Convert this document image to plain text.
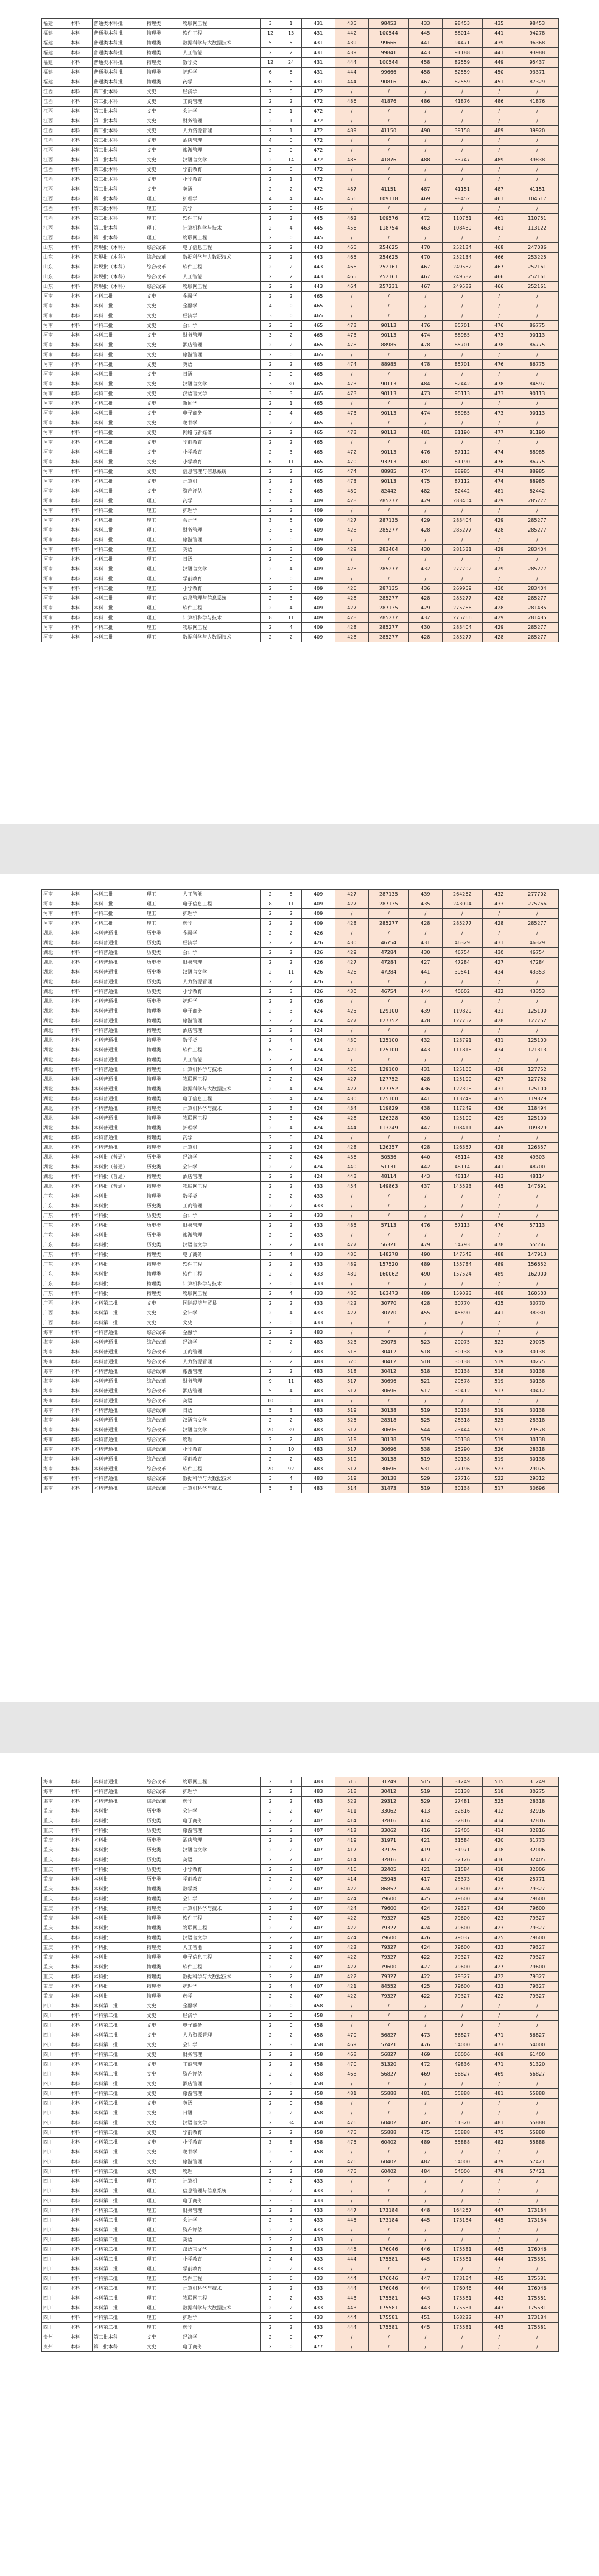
福建	本科	普通类本科批	物理类	物联网工程	3	1	431	435	98453	433	98453	435	98453
福建	本科	普通类本科批	物理类	软件工程	12	13	431	442	100544	445	88014	441	94278
福建	本科	普通类本科批	物理类	数据科学与大数据技术	5	5	431	439	99666	441	94471	439	96368
福建	本科	普通类本科批	物理类	人工智能	2	2	431	439	99841	443	91188	441	93988
福建	本科	普通类本科批	物理类	数学类	12	24	431	444	100544	458	82559	449	95437
福建	本科	普通类本科批	物理类	护理学	6	6	431	444	99666	458	82559	450	93371
福建	本科	普通类本科批	物理类	药学	6	6	431	444	90816	467	82559	451	87329
江西	本科	第二批本科	文史	经济学	2	0	472	/	/	/	/	/	/
江西	本科	第二批本科	文史	工商管理	2	2	472	486	41876	486	41876	486	41876
江西	本科	第二批本科	文史	会计学	2	1	472	/	/	/	/	/	/
江西	本科	第二批本科	文史	财务管理	2	1	472	/	/	/	/	/	/
江西	本科	第二批本科	文史	人力资源管理	2	1	472	489	41150	490	39158	489	39920
江西	本科	第二批本科	文史	酒店管理	4	0	472	/	/	/	/	/	/
江西	本科	第二批本科	文史	旅游管理	2	0	472	/	/	/	/	/	/
江西	本科	第二批本科	文史	汉语言文学	2	14	472	486	41876	488	33747	489	39838
江西	本科	第二批本科	文史	学前教育	2	0	472	/	/	/	/	/	/
江西	本科	第二批本科	文史	小学教育	2	1	472	/	/	/	/	/	/
江西	本科	第二批本科	文史	英语	2	2	472	487	41151	487	41151	487	41151
江西	本科	第二批本科	理工	护理学	4	4	445	456	109118	469	98452	461	104517
江西	本科	第二批本科	理工	药学	2	0	445	/	/	/	/	/	/
江西	本科	第二批本科	理工	软件工程	2	2	445	462	109576	472	110751	461	110751
江西	本科	第二批本科	理工	计算机科学与技术	2	4	445	456	118754	463	108489	461	113122
江西	本科	第二批本科	理工	物联网工程	2	0	445	/	/	/	/	/	/
山东	本科	常规批（本科）	综合改革	电子信息工程	2	2	443	465	254625	470	252134	468	247086
山东	本科	常规批（本科）	综合改革	数据科学与大数据技术	2	2	443	465	254625	470	252134	466	253225
山东	本科	常规批（本科）	综合改革	软件工程	2	2	443	466	252161	467	249582	467	252161
山东	本科	常规批（本科）	综合改革	人工智能	2	2	443	465	252161	467	249582	466	252161
山东	本科	常规批（本科）	综合改革	物联网工程	2	2	443	464	257231	467	249582	466	252161
河南	本科	本科二批	文史	金融学	2	2	465	/	/	/	/	/	/
河南	本科	本科二批	文史	金融学	4	0	465	/	/	/	/	/	/
河南	本科	本科二批	文史	经济学	3	0	465	/	/	/	/	/	/
河南	本科	本科二批	文史	会计学	2	3	465	473	90113	476	85701	476	86775
河南	本科	本科二批	文史	财务管理	3	2	465	473	90113	474	88985	473	90113
河南	本科	本科二批	文史	酒店管理	2	2	465	478	88985	478	85701	478	86775
河南	本科	本科二批	文史	旅游管理	2	0	465	/	/	/	/	/	/
河南	本科	本科二批	文史	英语	2	2	465	474	88985	478	85701	476	86775
河南	本科	本科二批	文史	日语	2	0	465	/	/	/	/	/	/
河南	本科	本科二批	文史	汉语言文学	3	30	465	473	90113	484	82442	478	84597
河南	本科	本科二批	文史	汉语言文学	3	3	465	473	90113	473	90113	473	90113
河南	本科	本科二批	文史	新闻学	2	1	465	/	/	/	/	/	/
河南	本科	本科二批	文史	电子商务	2	4	465	473	90113	474	88985	473	90113
河南	本科	本科二批	文史	秘书学	2	2	465	/	/	/	/	/	/
河南	本科	本科二批	文史	网络与新媒体	2	2	465	473	90113	481	81190	477	81190
河南	本科	本科二批	文史	学前教育	2	2	465	/	/	/	/	/	/
河南	本科	本科二批	文史	小学教育	2	3	465	472	90113	476	87112	474	88985
河南	本科	本科二批	文史	小学教育	6	11	465	470	93213	481	81190	476	86775
河南	本科	本科二批	文史	信息管理与信息系统	2	2	465	474	88985	474	88985	474	88985
河南	本科	本科二批	文史	计算机	2	2	465	473	90113	475	87112	474	88985
河南	本科	本科二批	文史	资产评估	2	2	465	480	82442	482	82442	481	82442
河南	本科	本科二批	理工	药学	2	4	409	428	285277	429	283404	429	285277
河南	本科	本科二批	理工	护理学	2	2	409	/	/	/	/	/	/
河南	本科	本科二批	理工	会计学	3	5	409	427	287135	429	283404	429	285277
河南	本科	本科二批	理工	财务管理	3	5	409	428	285277	428	285277	428	285277
河南	本科	本科二批	理工	旅游管理	2	0	409	/	/	/	/	/	/
河南	本科	本科二批	理工	英语	2	3	409	429	283404	430	281531	429	283404
河南	本科	本科二批	理工	日语	2	0	409	/	/	/	/	/	/
河南	本科	本科二批	理工	汉语言文学	2	4	409	428	285277	432	277702	429	285277
河南	本科	本科二批	理工	学前教育	2	0	409	/	/	/	/	/	/
河南	本科	本科二批	理工	小学教育	2	5	409	426	287135	436	269959	430	283404
河南	本科	本科二批	理工	信息管理与信息系统	2	3	409	428	285277	428	285277	428	285277
河南	本科	本科二批	理工	软件工程	2	4	409	427	287135	429	275766	428	281485
河南	本科	本科二批	理工	计算机科学与技术	8	11	409	428	285277	432	275766	429	281485
河南	本科	本科二批	理工	物联网工程	2	4	409	428	285277	430	283404	429	285277
河南	本科	本科二批	理工	数据科学与大数据技术	2	2	409	428	285277	428	285277	428	285277
河南	本科	本科二批	理工	人工智能	2	8	409	427	287135	439	264262	432	277702
河南	本科	本科二批	理工	电子信息工程	8	11	409	427	287135	435	243094	433	275766
河南	本科	本科二批	理工	护理学	2	2	409	/	/	/	/	/	/
河南	本科	本科二批	理工	药学	2	2	409	428	285277	428	285277	428	285277
湖北	本科	本科普通批	历史类	金融学	2	2	426	/	/	/	/	/	/
湖北	本科	本科普通批	历史类	经济学	2	2	426	430	46754	431	46329	431	46329
湖北	本科	本科普通批	历史类	会计学	2	2	426	429	47284	430	46754	430	46754
湖北	本科	本科普通批	历史类	财务管理	2	2	426	427	47284	427	47284	427	47284
湖北	本科	本科普通批	历史类	汉语言文学	2	11	426	426	47284	441	39541	434	43353
湖北	本科	本科普通批	历史类	人力资源管理	2	2	426	/	/	/	/	/	/
湖北	本科	本科普通批	历史类	小学教育	2	3	426	430	46754	444	40602	432	43353
湖北	本科	本科普通批	历史类	护理学	2	2	426	/	/	/	/	/	/
湖北	本科	本科普通批	物理类	电子商务	2	3	424	425	129100	439	119829	431	125100
湖北	本科	本科普通批	物理类	旅游管理	2	2	424	427	127752	428	127752	428	127752
湖北	本科	本科普通批	物理类	酒店管理	2	2	424	/	/	/	/	/	/
湖北	本科	本科普通批	物理类	数学类	2	4	424	430	125100	432	123791	431	125100
湖北	本科	本科普通批	物理类	软件工程	6	8	424	429	125100	443	111818	434	121313
湖北	本科	本科普通批	物理类	人工智能	2	2	424	/	/	/	/	/	/
湖北	本科	本科普通批	物理类	计算机科学与技术	2	4	424	426	129100	431	125100	428	127752
湖北	本科	本科普通批	物理类	物联网工程	2	2	424	427	127752	428	125100	427	127752
湖北	本科	本科普通批	物理类	数据科学与大数据技术	2	4	424	427	127752	436	122398	431	125100
湖北	本科	本科普通批	物理类	电子信息工程	3	4	424	430	125100	441	113249	435	119829
湖北	本科	本科普通批	物理类	计算机科学与技术	2	3	424	434	119829	438	117249	436	118494
湖北	本科	本科普通批	物理类	物联网工程	3	3	424	428	126328	430	125100	429	125100
湖北	本科	本科普通批	物理类	护理学	2	4	424	444	113249	447	108411	445	109829
湖北	本科	本科普通批	物理类	药学	2	0	424	/	/	/	/	/	/
湖北	本科	本科普通批	物理类	计算机	2	2	424	428	126357	428	126357	428	126357
湖北	本科	本科批（普通）	历史类	经济学	2	2	424	436	50536	440	48114	438	49303
湖北	本科	本科批（普通）	历史类	会计学	2	2	424	440	51131	442	48114	441	48700
湖北	本科	本科批（普通）	物理类	酒店管理	2	2	424	443	48114	443	48114	443	48114
湖北	本科	本科批（普通）	物理类	物联网工程	2	2	433	454	149863	437	145523	445	147691
广东	本科	本科批	物理类	数学类	2	2	433	/	/	/	/	/	/
广东	本科	本科批	历史类	工商管理	2	2	433	/	/	/	/	/	/
广东	本科	本科批	历史类	会计学	2	2	433	/	/	/	/	/	/
广东	本科	本科批	历史类	财务管理	2	2	433	485	57113	476	57113	476	57113
广东	本科	本科批	历史类	旅游管理	2	0	433	/	/	/	/	/	/
广东	本科	本科批	历史类	汉语言文学	2	2	433	477	56321	479	54793	478	55556
广东	本科	本科批	物理类	电子商务	3	4	433	486	148278	490	147548	488	147913
广东	本科	本科批	物理类	软件工程	2	2	433	489	157520	489	155784	489	156652
广东	本科	本科批	物理类	软件工程	2	2	433	489	160062	490	157524	489	162000
广东	本科	本科批	物理类	计算机科学与技术	2	0	433	/	/	/	/	/	/
广东	本科	本科批	物理类	物联网工程	2	4	433	486	163473	489	159023	488	160503
广西	本科	本科第二批	文史	国际经济与贸易	2	2	433	422	30770	428	30770	425	30770
广西	本科	本科第二批	文史	会计学	2	4	433	427	30770	455	45890	441	38330
广西	本科	本科第二批	文史	文史	2	0	433	/	/	/	/	/	/
海南	本科	本科普通批	综合改革	金融学	2	2	483	/	/	/	/	/	/
海南	本科	本科普通批	综合改革	经济学	2	2	483	523	29075	523	29075	523	29075
海南	本科	本科普通批	综合改革	工商管理	2	2	483	518	30412	518	30138	518	30138
海南	本科	本科普通批	综合改革	人力资源管理	2	2	483	520	30412	518	30138	519	30275
海南	本科	本科普通批	综合改革	旅游管理	2	2	483	518	30412	518	30138	518	30138
海南	本科	本科普通批	综合改革	财务管理	9	11	483	517	30696	521	29578	519	30138
海南	本科	本科普通批	综合改革	酒店管理	5	4	483	517	30696	517	30412	517	30412
海南	本科	本科普通批	综合改革	英语	10	0	483	/	/	/	/	/	/
海南	本科	本科普通批	综合改革	日语	5	3	483	519	30138	519	30138	519	30138
海南	本科	本科普通批	综合改革	汉语言文学	2	2	483	525	28318	525	28318	525	28318
海南	本科	本科普通批	综合改革	汉语言文学	20	39	483	517	30696	544	23444	521	29578
海南	本科	本科普通批	综合改革	物理	2	2	483	519	30138	519	30138	519	30138
海南	本科	本科普通批	综合改革	小学教育	3	10	483	517	30696	538	25290	526	28318
海南	本科	本科普通批	综合改革	学前教育	2	2	483	519	30138	519	30138	519	30138
海南	本科	本科普通批	综合改革	软件工程	20	92	483	517	30696	531	27196	523	29075
海南	本科	本科普通批	综合改革	数据科学与大数据技术	3	4	483	519	30138	529	27716	522	29312
海南	本科	本科普通批	综合改革	计算机科学与技术	5	3	483	514	31473	519	30138	517	30696
海南	本科	本科普通批	综合改革	物联网工程	2	1	483	515	31249	515	31249	515	31249
海南	本科	本科普通批	综合改革	护理学	2	2	483	518	30412	519	30138	518	30275
海南	本科	本科普通批	综合改革	药学	2	2	483	522	29312	529	27481	525	28318
重庆	本科	本科批	历史类	会计学	2	2	407	411	33062	413	32816	412	32916
重庆	本科	本科批	历史类	电子商务	2	2	407	414	32816	414	32816	414	32816
重庆	本科	本科批	历史类	旅游管理	2	2	407	412	33062	416	32405	414	32816
重庆	本科	本科批	历史类	酒店管理	2	2	407	419	31971	421	31584	420	31773
重庆	本科	本科批	历史类	汉语言文学	2	2	407	417	32126	419	31971	418	32006
重庆	本科	本科批	历史类	英语	2	2	407	414	32816	417	32126	416	32405
重庆	本科	本科批	历史类	小学教育	2	3	407	416	32405	421	31584	418	32006
重庆	本科	本科批	历史类	学前教育	2	2	407	414	25945	417	25373	416	25771
重庆	本科	本科批	物理类	数学类	2	2	407	422	86852	424	79600	423	79327
重庆	本科	本科批	物理类	会计学	2	2	407	424	79600	425	79600	424	79600
重庆	本科	本科批	物理类	计算机科学与技术	2	2	407	424	79600	424	79327	424	79600
重庆	本科	本科批	物理类	软件工程	2	2	407	422	79327	425	79600	423	79327
重庆	本科	本科批	物理类	物联网工程	2	2	407	422	79327	424	79600	423	79327
重庆	本科	本科批	物理类	汉语言文学	2	2	407	424	79600	426	79037	425	79600
重庆	本科	本科批	物理类	人工智能	2	2	407	422	79327	424	79600	423	79327
重庆	本科	本科批	物理类	电子信息工程	2	2	407	422	79327	422	79327	422	79327
重庆	本科	本科批	物理类	软件工程	2	2	407	427	79600	427	79600	427	79600
重庆	本科	本科批	物理类	数据科学与大数据技术	2	2	407	422	79327	422	79327	422	79327
重庆	本科	本科批	物理类	护理学	2	4	407	421	84552	425	79600	423	79327
重庆	本科	本科批	物理类	药学	2	2	407	422	79327	422	79327	422	79327
四川	本科	本科第二批	文史	金融学	2	0	458	/	/	/	/	/	/
四川	本科	本科第二批	文史	经济学	2	0	458	/	/	/	/	/	/
四川	本科	本科第二批	文史	电子商务	2	0	458	/	/	/	/	/	/
四川	本科	本科第二批	文史	人力资源管理	2	2	458	470	56827	473	56827	471	56827
四川	本科	本科第二批	文史	会计学	2	3	458	469	57421	476	54000	473	54000
四川	本科	本科第二批	文史	财务管理	2	2	458	468	56827	469	66006	469	61400
四川	本科	本科第二批	文史	工商管理	2	2	458	470	51320	472	49836	471	51320
四川	本科	本科第二批	文史	资产评估	2	2	458	468	56827	469	56827	469	56827
四川	本科	本科第二批	文史	酒店管理	2	0	458	/	/	/	/	/	/
四川	本科	本科第二批	文史	旅游管理	2	2	458	481	55888	481	55888	481	55888
四川	本科	本科第二批	文史	英语	2	0	458	/	/	/	/	/	/
四川	本科	本科第二批	文史	日语	2	2	458	/	/	/	/	/	/
四川	本科	本科第二批	文史	汉语言文学	2	34	458	476	60402	485	51320	481	55888
四川	本科	本科第二批	文史	学前教育	2	2	458	475	55888	475	55888	475	55888
四川	本科	本科第二批	文史	小学教育	3	8	458	475	60402	489	55888	482	55888
四川	本科	本科第二批	文史	秘书学	2	3	458	/	/	/	/	/	/
四川	本科	本科第二批	文史	旅游管理	2	2	458	476	60402	482	54000	479	57421
四川	本科	本科第二批	文史	物理	2	2	458	475	60402	484	54000	479	57421
四川	本科	本科第二批	理工	计算机	2	2	433	/	/	/	/	/	/
四川	本科	本科第二批	理工	信息管理与信息系统	2	2	433	/	/	/	/	/	/
四川	本科	本科第二批	理工	电子商务	2	3	433	/	/	/	/	/	/
四川	本科	本科第二批	理工	财务管理	2	2	433	447	173184	448	164267	447	173184
四川	本科	本科第二批	理工	会计学	2	3	433	445	173184	445	173184	445	173184
四川	本科	本科第二批	理工	资产评估	2	2	433	/	/	/	/	/	/
四川	本科	本科第二批	理工	英语	2	2	433	/	/	/	/	/	/
四川	本科	本科第二批	理工	汉语言文学	2	3	433	445	176046	446	175581	445	176046
四川	本科	本科第二批	理工	小学教育	2	4	433	444	175581	445	175581	444	175581
四川	本科	本科第二批	理工	学前教育	2	2	433	/	/	/	/	/	/
四川	本科	本科第二批	理工	软件工程	3	6	433	444	176046	447	173184	445	175581
四川	本科	本科第二批	理工	计算机科学与技术	2	2	433	444	176046	444	176046	444	176046
四川	本科	本科第二批	理工	物联网工程	2	2	433	443	175581	443	175581	443	175581
四川	本科	本科第二批	理工	数据科学与大数据技术	2	2	433	443	175581	443	175581	443	175581
四川	本科	本科第二批	理工	护理学	2	5	433	444	175581	451	168222	447	173184
四川	本科	本科第二批	理工	药学	2	2	433	444	175581	445	175581	445	175581
贵州	本科	第二批本科	文史	经济学	2	0	477	/	/	/	/	/	/
贵州	本科	第二批本科	文史	电子商务	2	0	477	/	/	/	/	/	/
